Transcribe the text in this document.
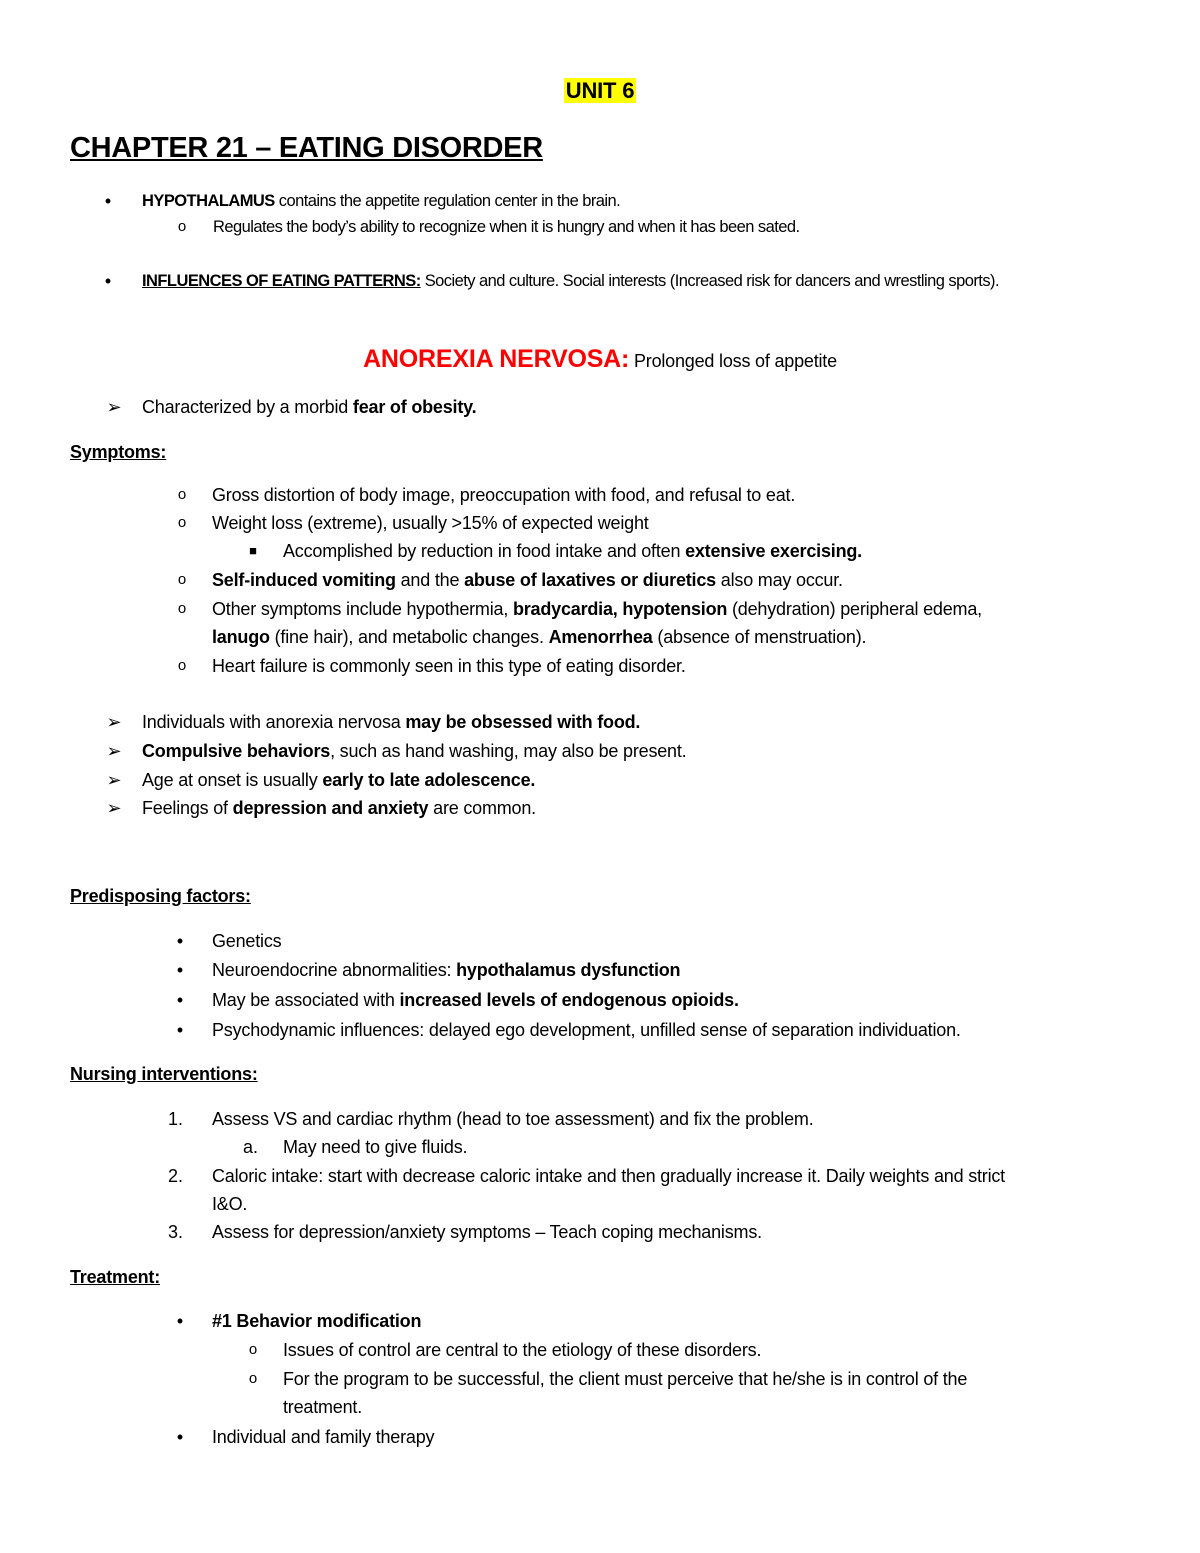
UNIT 6
CHAPTER 21 – EATING DISORDER
•	HYPOTHALAMUS contains the appetite regulation center in the brain.
o	Regulates the body’s ability to recognize when it is hungry and when it has been sated.
•	INFLUENCES OF EATING PATTERNS: Society and culture. Social interests (Increased risk for dancers and wrestling sports).
ANOREXIA NERVOSA: Prolonged loss of appetite
➢ Characterized by a morbid fear of obesity.
Symptoms:
o	Gross distortion of body image, preoccupation with food, and refusal to eat.
o	Weight loss (extreme), usually >15% of expected weight
■	Accomplished by reduction in food intake and often extensive exercising.
o	Self-induced vomiting and the abuse of laxatives or diuretics also may occur.
o	Other symptoms include hypothermia, bradycardia, hypotension (dehydration) peripheral edema,
lanugo (fine hair), and metabolic changes. Amenorrhea (absence of menstruation).
o	Heart failure is commonly seen in this type of eating disorder.
➢ Individuals with anorexia nervosa may be obsessed with food.
➢ Compulsive behaviors, such as hand washing, may also be present.
➢ Age at onset is usually early to late adolescence.
➢ Feelings of depression and anxiety are common.
Predisposing factors:
•	Genetics
•	Neuroendocrine abnormalities: hypothalamus dysfunction
•	May be associated with increased levels of endogenous opioids.
•	Psychodynamic influences: delayed ego development, unfilled sense of separation individuation.
Nursing interventions:
1.	Assess VS and cardiac rhythm (head to toe assessment) and fix the problem.
a.	May need to give fluids.
2.	Caloric intake: start with decrease caloric intake and then gradually increase it. Daily weights and strict
I&O.
3.	Assess for depression/anxiety symptoms – Teach coping mechanisms.
Treatment:
•	#1 Behavior modification
o	Issues of control are central to the etiology of these disorders.
o	For the program to be successful, the client must perceive that he/she is in control of the
treatment.
•	Individual and family therapy
